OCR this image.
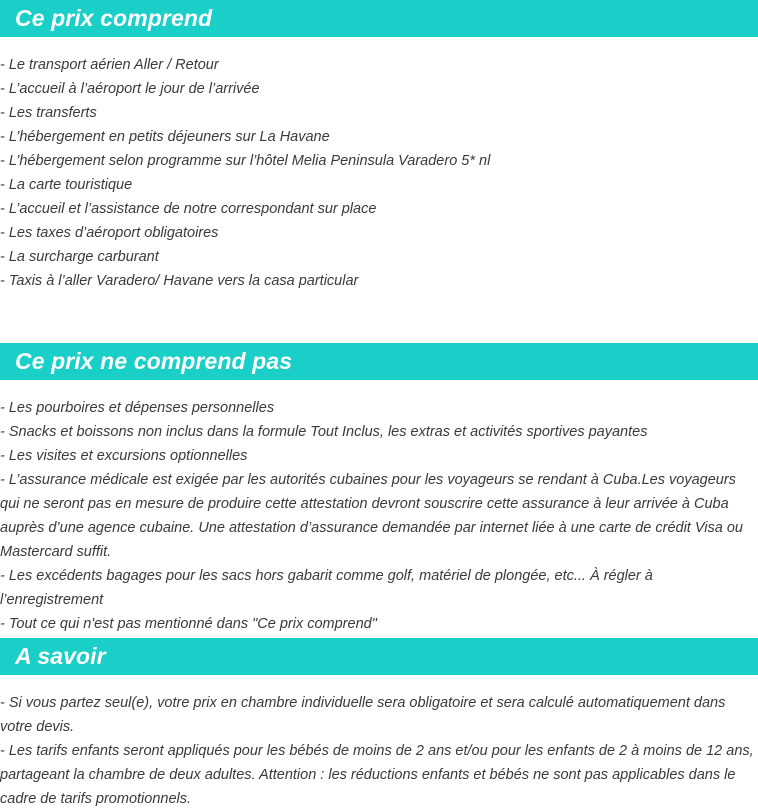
Ce prix comprend
- Le transport aérien Aller / Retour
- L’accueil à l’aéroport le jour de l’arrivée
- Les transferts
- L’hébergement en petits déjeuners sur La Havane
- L’hébergement selon programme sur l’hôtel Melia Peninsula Varadero 5* nl
- La carte touristique
- L’accueil et l’assistance de notre correspondant sur place
- Les taxes d’aéroport obligatoires
- La surcharge carburant
- Taxis à l’aller Varadero/ Havane vers la casa particular
Ce prix ne comprend pas
- Les pourboires et dépenses personnelles
- Snacks et boissons non inclus dans la formule Tout Inclus, les extras et activités sportives payantes
- Les visites et excursions optionnelles
- L’assurance médicale est exigée par les autorités cubaines pour les voyageurs se rendant à Cuba.Les voyageurs qui ne seront pas en mesure de produire cette attestation devront souscrire cette assurance à leur arrivée à Cuba auprès d’une agence cubaine. Une attestation d’assurance demandée par internet liée à une carte de crédit Visa ou Mastercard suffit.
- Les excédents bagages pour les sacs hors gabarit comme golf, matériel de plongée, etc... À régler à l’enregistrement
- Tout ce qui n'est pas mentionné dans "Ce prix comprend"
A savoir
- Si vous partez seul(e), votre prix en chambre individuelle sera obligatoire et sera calculé automatiquement dans votre devis.
- Les tarifs enfants seront appliqués pour les bébés de moins de 2 ans et/ou pour les enfants de 2 à moins de 12 ans, partageant la chambre de deux adultes. Attention : les réductions enfants et bébés ne sont pas applicables dans le cadre de tarifs promotionnels.
